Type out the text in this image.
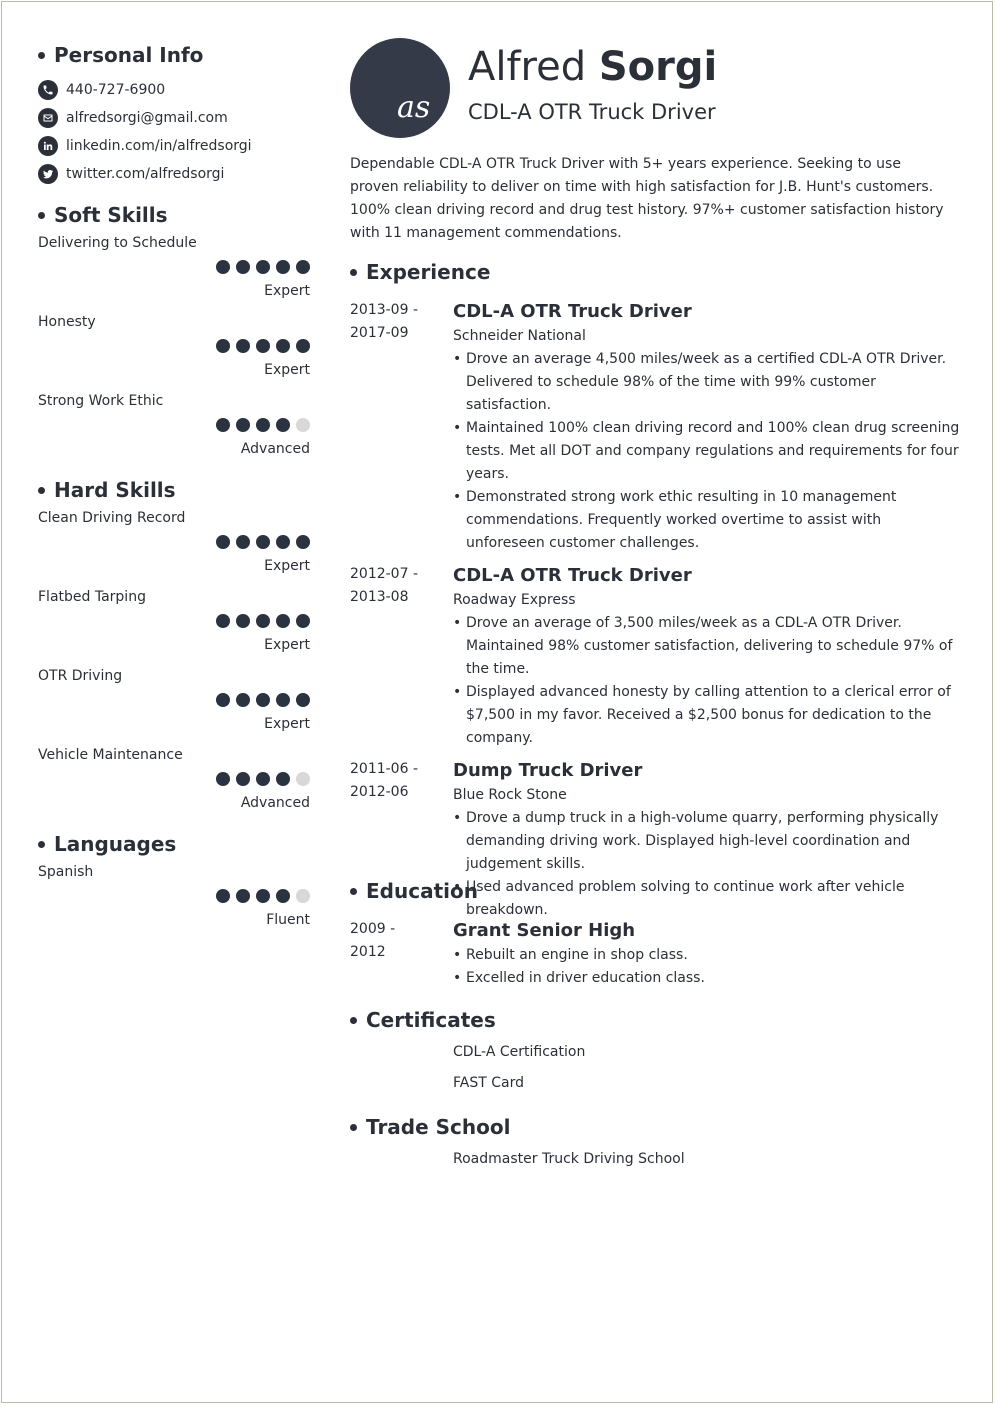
Personal Info
440-727-6900
alfredsorgi@gmail.com
linkedin.com/in/alfredsorgi
twitter.com/alfredsorgi
Soft Skills
Delivering to Schedule
Expert
Honesty
Expert
Strong Work Ethic
Advanced
Hard Skills
Clean Driving Record
Expert
Flatbed Tarping
Expert
OTR Driving
Expert
Vehicle Maintenance
Advanced
Languages
Spanish
Fluent
as
Alfred Sorgi
CDL-A OTR Truck Driver
Dependable CDL-A OTR Truck Driver with 5+ years experience. Seeking to use proven reliability to deliver on time with high satisfaction for J.B. Hunt's customers. 100% clean driving record and drug test history. 97%+ customer satisfaction history with 11 management commendations.
Experience
2013-09 -
2017-09
CDL-A OTR Truck Driver
Schneider National
• Drove an average 4,500 miles/week as a certified CDL-A OTR Driver. Delivered to schedule 98% of the time with 99% customer satisfaction.
• Maintained 100% clean driving record and 100% clean drug screening tests. Met all DOT and company regulations and requirements for four years.
• Demonstrated strong work ethic resulting in 10 management commendations. Frequently worked overtime to assist with unforeseen customer challenges.
2012-07 -
2013-08
CDL-A OTR Truck Driver
Roadway Express
• Drove an average of 3,500 miles/week as a CDL-A OTR Driver. Maintained 98% customer satisfaction, delivering to schedule 97% of the time.
• Displayed advanced honesty by calling attention to a clerical error of $7,500 in my favor. Received a $2,500 bonus for dedication to the company.
2011-06 -
2012-06
Dump Truck Driver
Blue Rock Stone
• Drove a dump truck in a high-volume quarry, performing physically demanding driving work. Displayed high-level coordination and judgement skills.
• Used advanced problem solving to continue work after vehicle breakdown.
Education
2009 -
2012
Grant Senior High
• Rebuilt an engine in shop class.
• Excelled in driver education class.
Certificates
CDL-A Certification
FAST Card
Trade School
Roadmaster Truck Driving School
